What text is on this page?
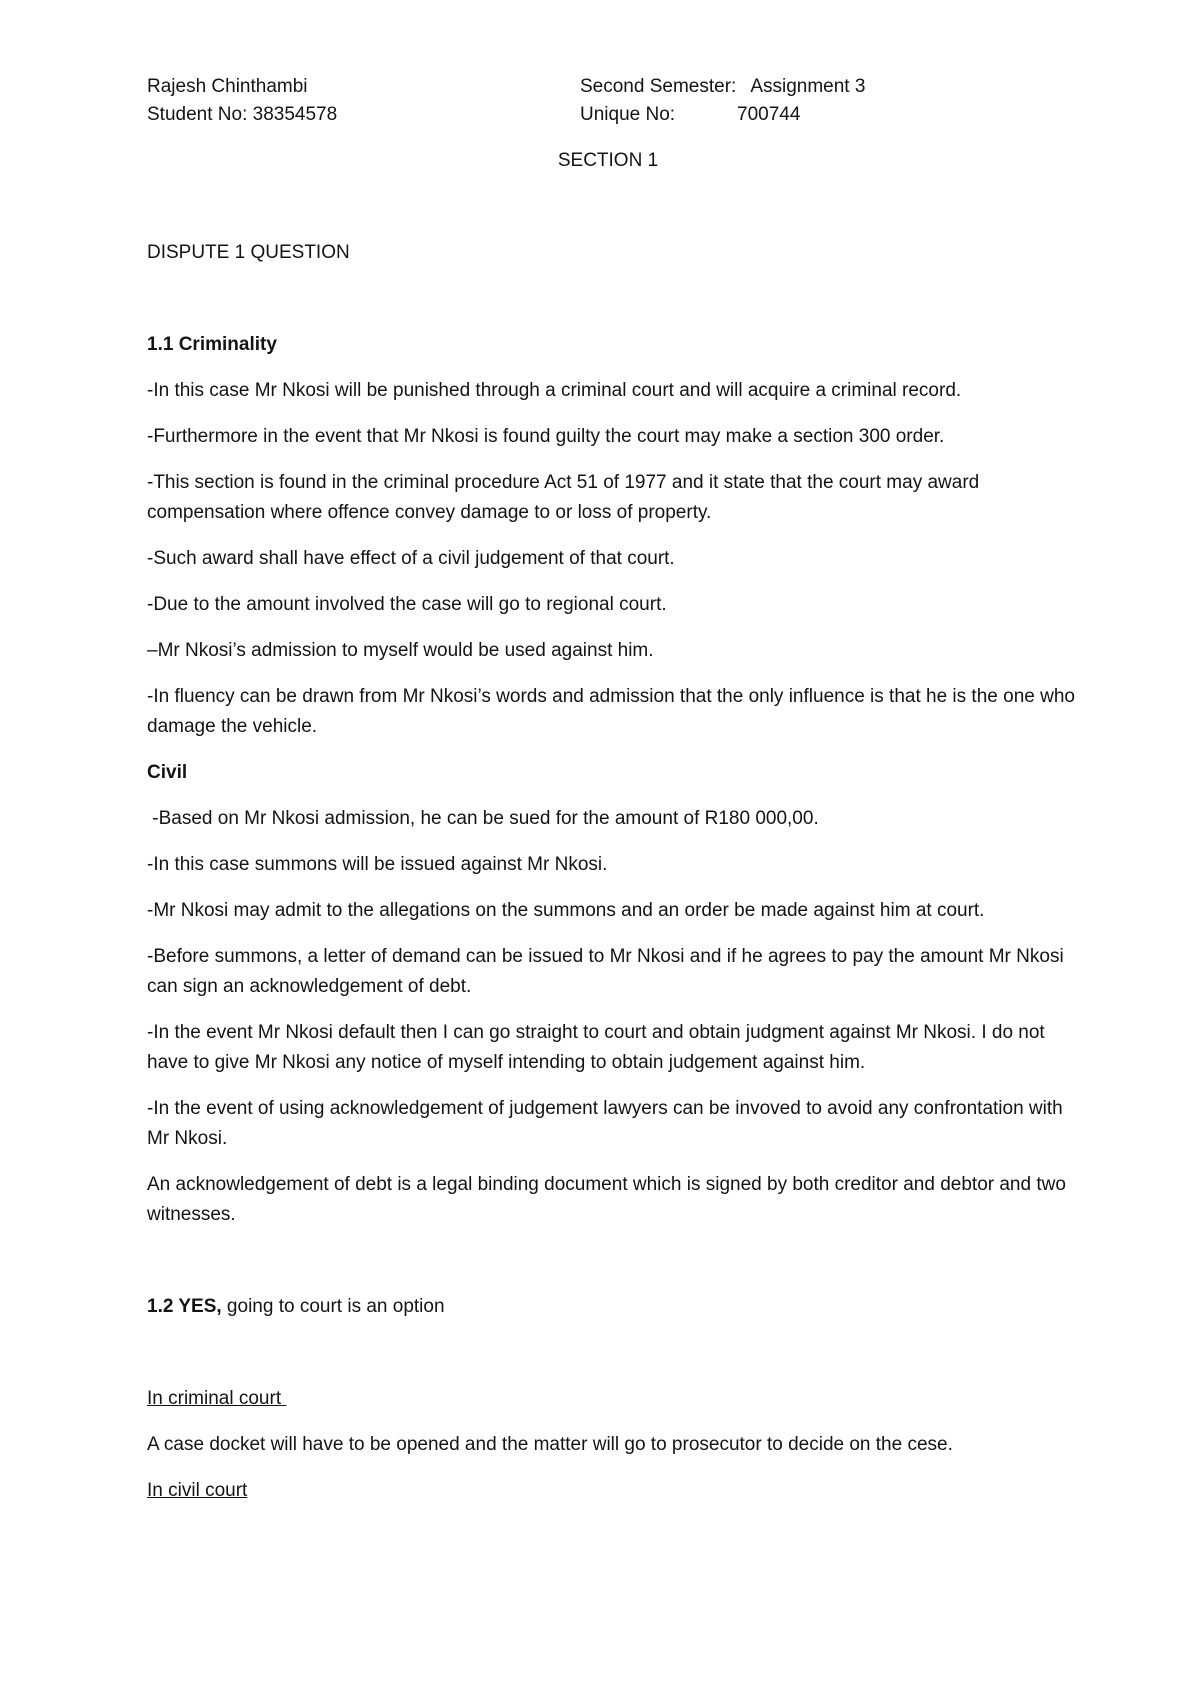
Rajesh Chinthambi
Student No: 38354578
Second Semester: Assignment 3
Unique No:	700744
SECTION 1
DISPUTE 1 QUESTION
1.1 Criminality
-In this case Mr Nkosi will be punished through a criminal court and will acquire a criminal record.
-Furthermore in the event that Mr Nkosi is found guilty the court may make a section 300 order.
-This section is found in the criminal procedure Act 51 of 1977 and it state that the court may award compensation where offence convey damage to or loss of property.
-Such award shall have effect of a civil judgement of that court.
-Due to the amount involved the case will go to regional court.
–Mr Nkosi’s admission to myself would be used against him.
-In fluency can be drawn from Mr Nkosi’s words and admission that the only influence is that he is the one who damage the vehicle.
Civil
-Based on Mr Nkosi admission, he can be sued for the amount of R180 000,00.
-In this case summons will be issued against Mr Nkosi.
-Mr Nkosi may admit to the allegations on the summons and an order be made against him at court.
-Before summons, a letter of demand can be issued to Mr Nkosi and if he agrees to pay the amount Mr Nkosi can sign an acknowledgement of debt.
-In the event Mr Nkosi default then I can go straight to court and obtain judgment against Mr Nkosi. I do not have to give Mr Nkosi any notice of myself intending to obtain judgement against him.
-In the event of using acknowledgement of judgement lawyers can be invoved to avoid any confrontation with Mr Nkosi.
An acknowledgement of debt is a legal binding document which is signed by both creditor and debtor and two witnesses.
1.2 YES, going to court is an option
In criminal court
A case docket will have to be opened and the matter will go to prosecutor to decide on the cese.
In civil court
